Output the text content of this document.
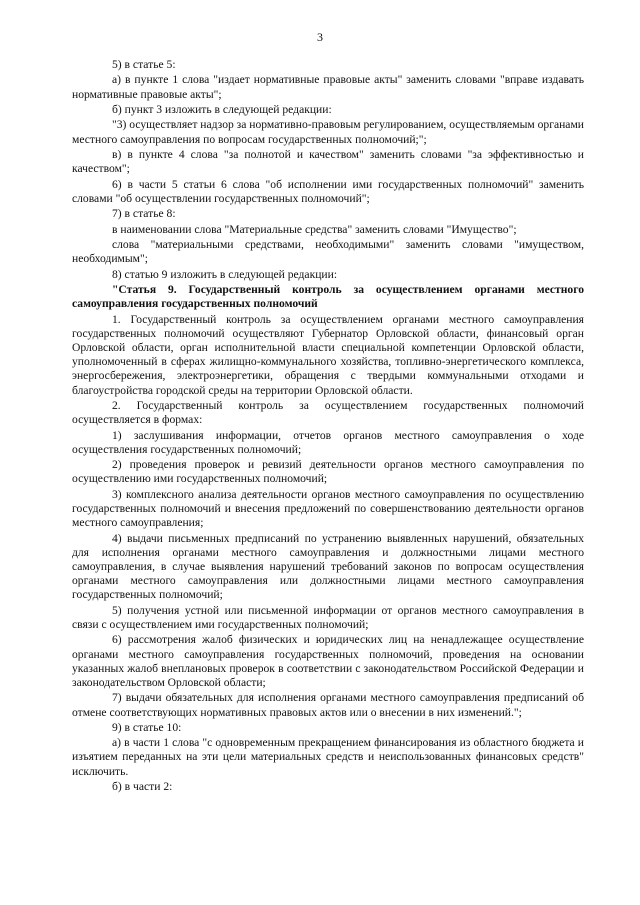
3

5) в статье 5:

а) в пункте 1 слова "издает нормативные правовые акты" заменить словами "вправе издавать нормативные правовые акты";

б) пункт 3 изложить в следующей редакции:

"3) осуществляет надзор за нормативно-правовым регулированием, осуществляемым органами местного самоуправления по вопросам государственных полномочий;";

в) в пункте 4 слова "за полнотой и качеством" заменить словами "за эффективностью и качеством";

6) в части 5 статьи 6 слова "об исполнении ими государственных полномочий" заменить словами "об осуществлении государственных полномочий";

7) в статье 8:

в наименовании слова "Материальные средства" заменить словами "Имущество";

слова "материальными средствами, необходимыми" заменить словами "имуществом, необходимым";

8) статью 9 изложить в следующей редакции:

"Статья 9. Государственный контроль за осуществлением органами местного самоуправления государственных полномочий

1. Государственный контроль за осуществлением органами местного самоуправления государственных полномочий осуществляют Губернатор Орловской области, финансовый орган Орловской области, орган исполнительной власти специальной компетенции Орловской области, уполномоченный в сферах жилищно-коммунального хозяйства, топливно-энергетического комплекса, энергосбережения, электроэнергетики, обращения с твердыми коммунальными отходами и благоустройства городской среды на территории Орловской области.

2. Государственный контроль за осуществлением государственных полномочий осуществляется в формах:

1) заслушивания информации, отчетов органов местного самоуправления о ходе осуществления государственных полномочий;

2) проведения проверок и ревизий деятельности органов местного самоуправления по осуществлению ими государственных полномочий;

3) комплексного анализа деятельности органов местного самоуправления по осуществлению государственных полномочий и внесения предложений по совершенствованию деятельности органов местного самоуправления;

4) выдачи письменных предписаний по устранению выявленных нарушений, обязательных для исполнения органами местного самоуправления и должностными лицами местного самоуправления, в случае выявления нарушений требований законов по вопросам осуществления органами местного самоуправления или должностными лицами местного самоуправления государственных полномочий;

5) получения устной или письменной информации от органов местного самоуправления в связи с осуществлением ими государственных полномочий;

6) рассмотрения жалоб физических и юридических лиц на ненадлежащее осуществление органами местного самоуправления государственных полномочий, проведения на основании указанных жалоб внеплановых проверок в соответствии с законодательством Российской Федерации и законодательством Орловской области;

7) выдачи обязательных для исполнения органами местного самоуправления предписаний об отмене соответствующих нормативных правовых актов или о внесении в них изменений.";

9) в статье 10:

а) в части 1 слова "с одновременным прекращением финансирования из областного бюджета и изъятием переданных на эти цели материальных средств и неиспользованных финансовых средств" исключить.

б) в части 2:
